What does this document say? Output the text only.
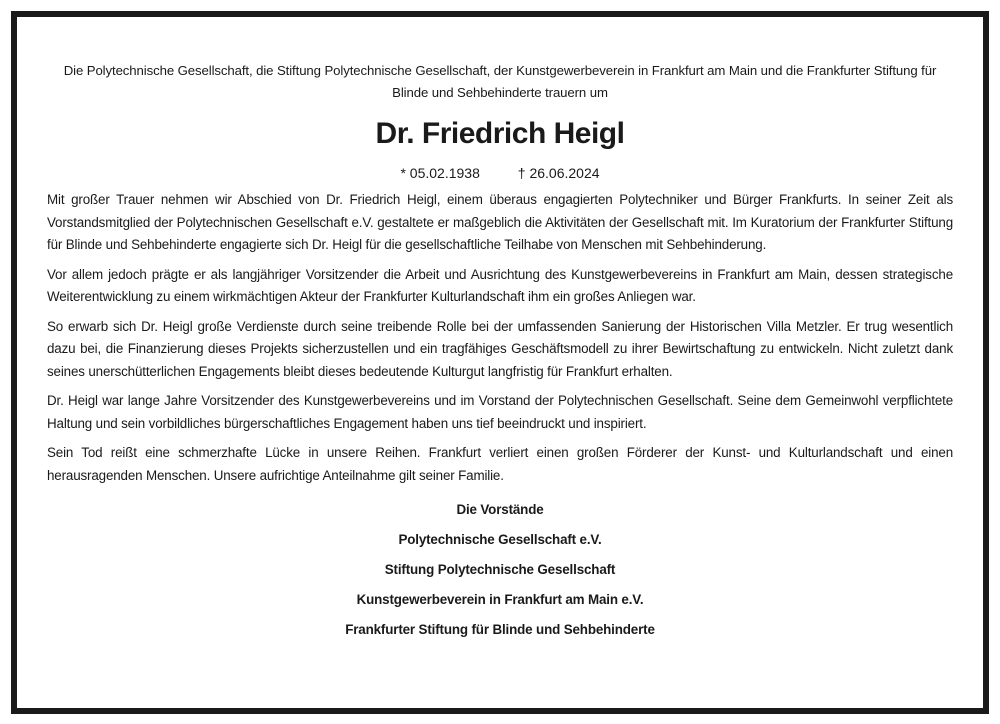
Die Polytechnische Gesellschaft, die Stiftung Polytechnische Gesellschaft, der Kunstgewerbeverein in Frankfurt am Main und die Frankfurter Stiftung für Blinde und Sehbehinderte trauern um

Dr. Friedrich Heigl
* 05.02.1938	† 26.06.2024

Mit großer Trauer nehmen wir Abschied von Dr. Friedrich Heigl, einem überaus engagierten Polytechniker und Bürger Frankfurts. In seiner Zeit als Vorstandsmitglied der Polytechnischen Gesellschaft e.V. gestaltete er maßgeblich die Aktivitäten der Gesellschaft mit. Im Kuratorium der Frankfurter Stiftung für Blinde und Sehbehinderte engagierte sich Dr. Heigl für die gesellschaftliche Teilhabe von Menschen mit Sehbehinderung.

Vor allem jedoch prägte er als langjähriger Vorsitzender die Arbeit und Ausrichtung des Kunstgewerbevereins in Frankfurt am Main, dessen strategische Weiterentwicklung zu einem wirkmächtigen Akteur der Frankfurter Kulturlandschaft ihm ein großes Anliegen war.

So erwarb sich Dr. Heigl große Verdienste durch seine treibende Rolle bei der umfassenden Sanierung der Historischen Villa Metzler. Er trug wesentlich dazu bei, die Finanzierung dieses Projekts sicherzustellen und ein tragfähiges Geschäftsmodell zu ihrer Bewirtschaftung zu entwickeln. Nicht zuletzt dank seines unerschütterlichen Engagements bleibt dieses bedeutende Kulturgut langfristig für Frankfurt erhalten.

Dr. Heigl war lange Jahre Vorsitzender des Kunstgewerbevereins und im Vorstand der Polytechnischen Gesellschaft. Seine dem Gemeinwohl verpflichtete Haltung und sein vorbildliches bürgerschaftliches Engagement haben uns tief beeindruckt und inspiriert.

Sein Tod reißt eine schmerzhafte Lücke in unsere Reihen. Frankfurt verliert einen großen Förderer der Kunst- und Kulturlandschaft und einen herausragenden Menschen. Unsere aufrichtige Anteilnahme gilt seiner Familie.

Die Vorstände
Polytechnische Gesellschaft e.V.
Stiftung Polytechnische Gesellschaft
Kunstgewerbeverein in Frankfurt am Main e.V.
Frankfurter Stiftung für Blinde und Sehbehinderte
